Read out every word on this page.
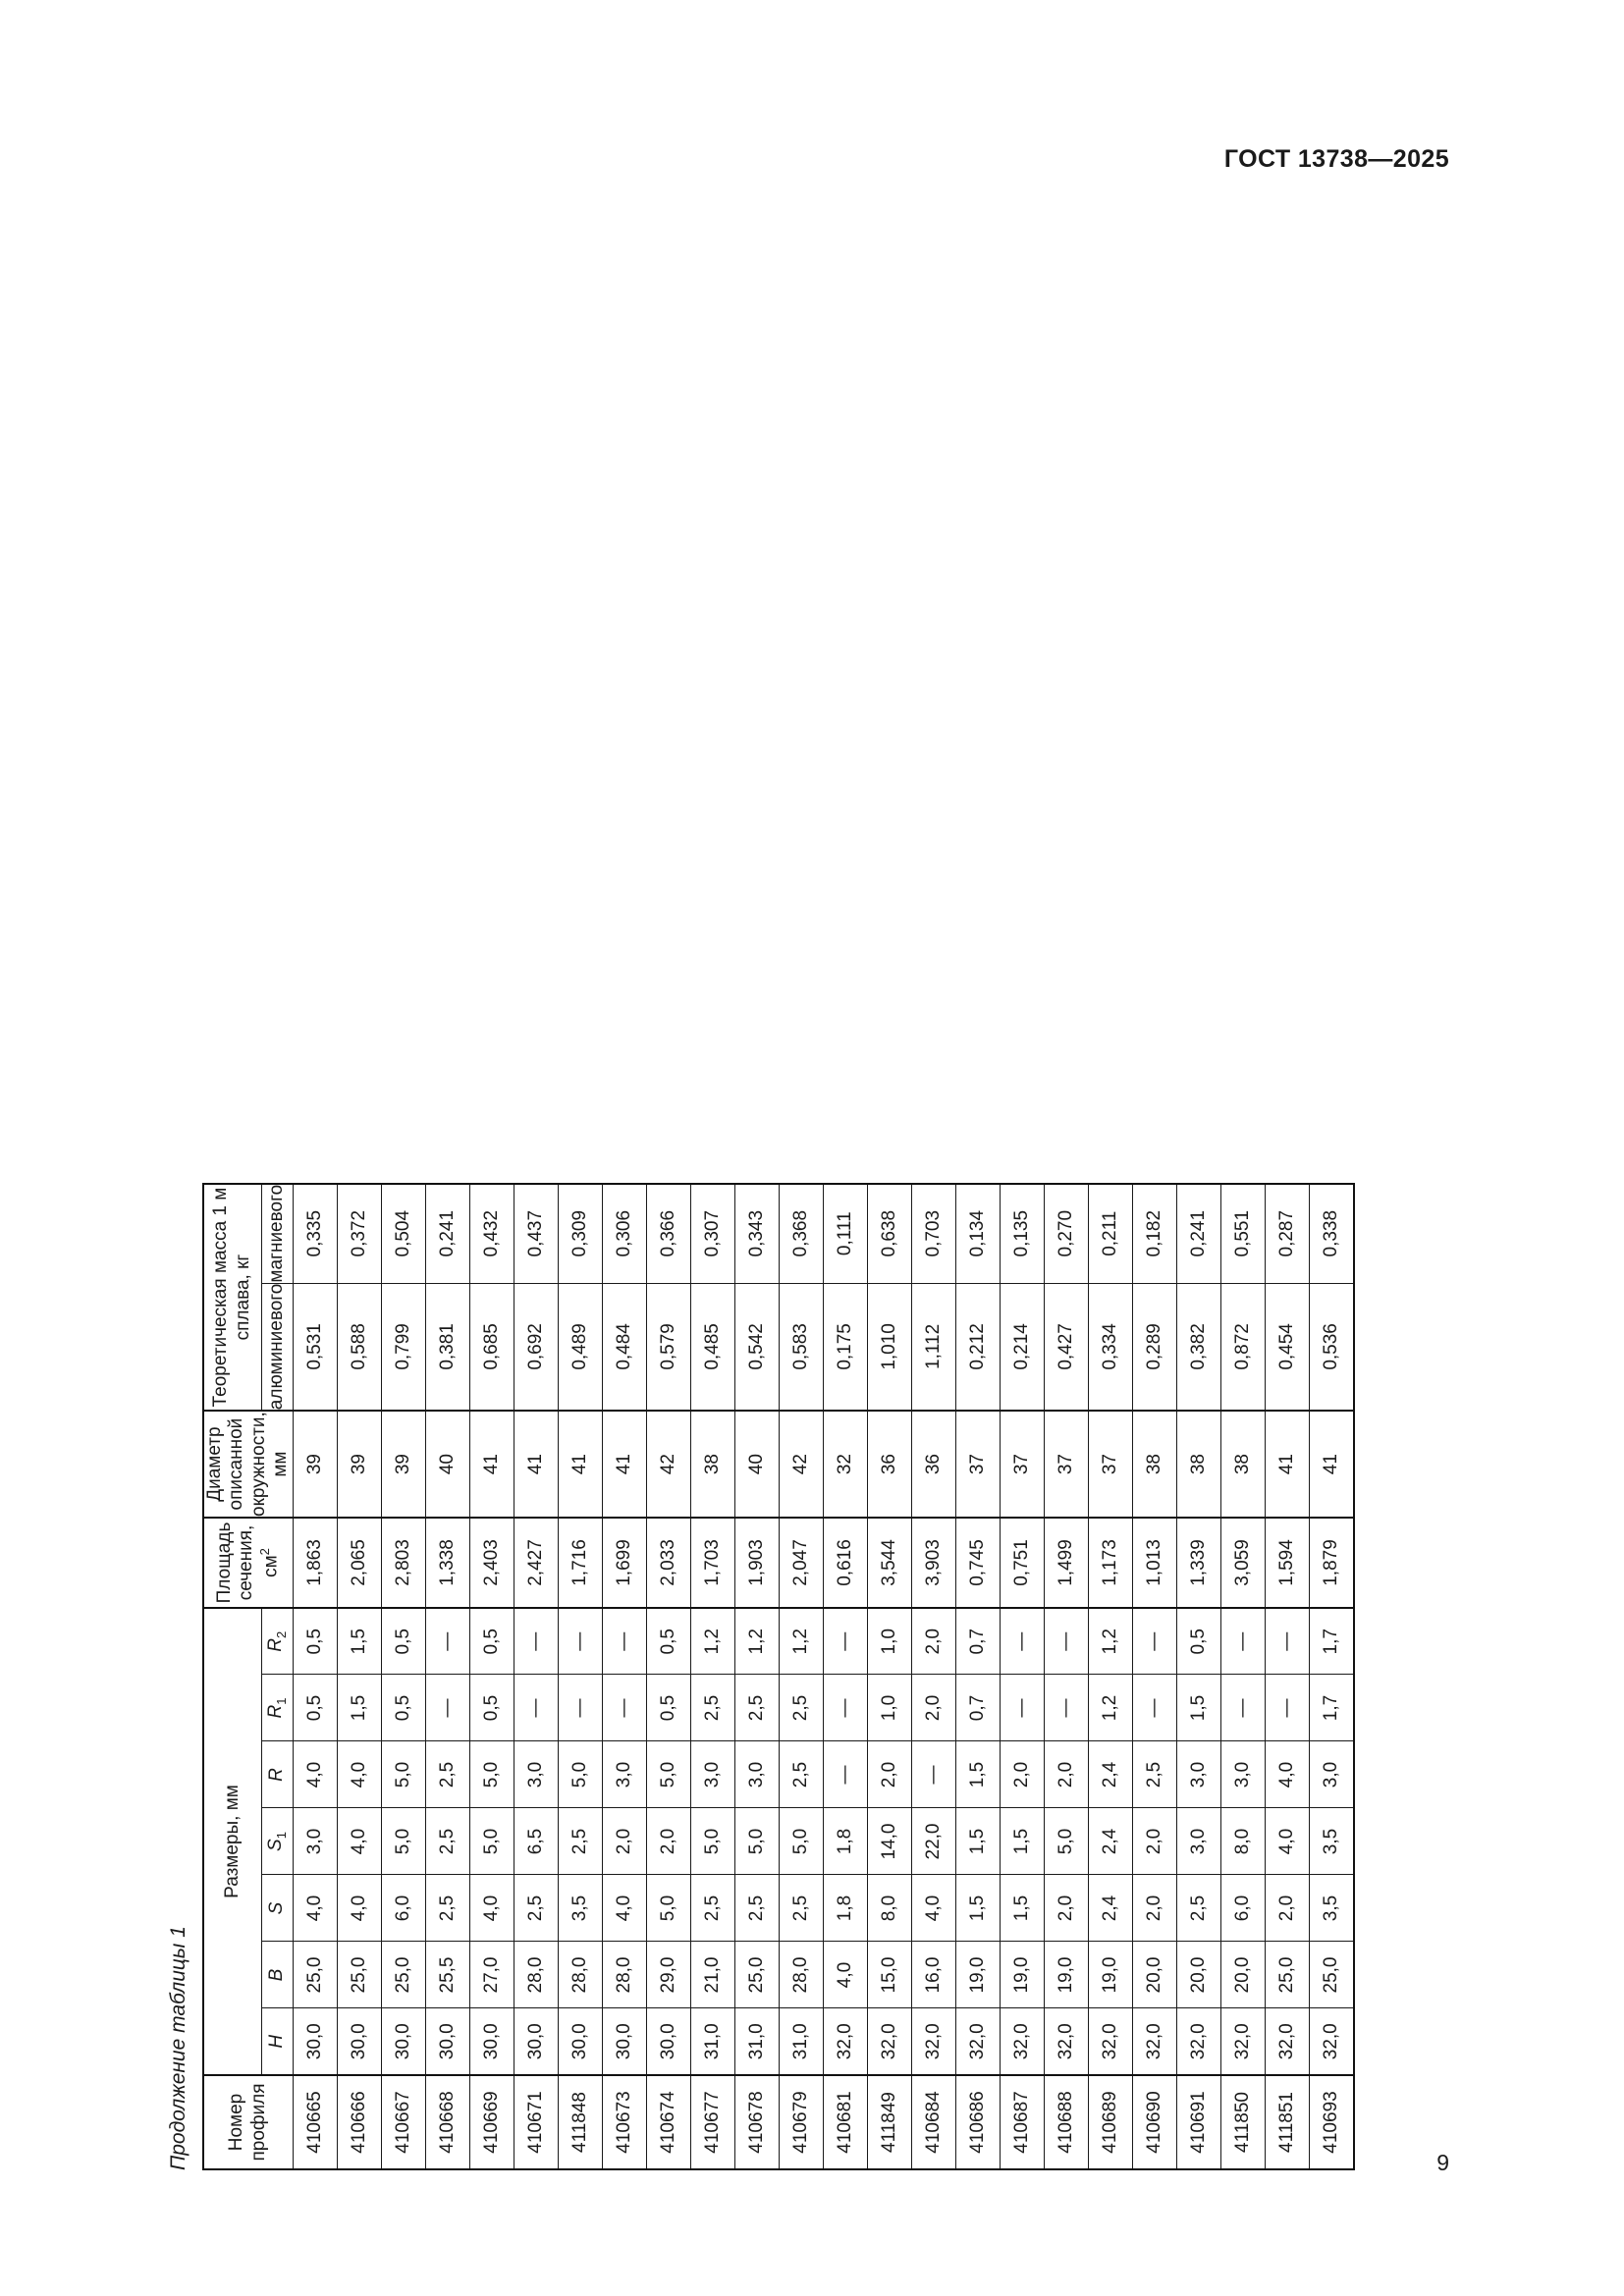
ГОСТ 13738—2025
Продолжение таблицы 1 Номер
профиля	Размеры, мм							Площадь
сечения, $см^2$	Диаметр описанной
окружности, мм	Теоретическая масса 1 м сплава, кг	
	H	B	S	$S_1$	R	$R_1$	$R_2$			алюминиевого	магниевого
410665	30,0	25,0	4,0	3,0	4,0	0,5	0,5	1,863	39	0,531	0,335
410666	30,0	25,0	4,0	4,0	4,0	1,5	1,5	2,065	39	0,588	0,372
410667	30,0	25,0	6,0	5,0	5,0	0,5	0,5	2,803	39	0,799	0,504
410668	30,0	25,5	2,5	2,5	2,5	—	—	1,338	40	0,381	0,241
410669	30,0	27,0	4,0	5,0	5,0	0,5	0,5	2,403	41	0,685	0,432
410671	30,0	28,0	2,5	6,5	3,0	—	—	2,427	41	0,692	0,437
411848	30,0	28,0	3,5	2,5	5,0	—	—	1,716	41	0,489	0,309
410673	30,0	28,0	4,0	2,0	3,0	—	—	1,699	41	0,484	0,306
410674	30,0	29,0	5,0	2,0	5,0	0,5	0,5	2,033	42	0,579	0,366
410677	31,0	21,0	2,5	5,0	3,0	2,5	1,2	1,703	38	0,485	0,307
410678	31,0	25,0	2,5	5,0	3,0	2,5	1,2	1,903	40	0,542	0,343
410679	31,0	28,0	2,5	5,0	2,5	2,5	1,2	2,047	42	0,583	0,368
410681	32,0	4,0	1,8	1,8	—	—	—	0,616	32	0,175	0,111
411849	32,0	15,0	8,0	14,0	2,0	1,0	1,0	3,544	36	1,010	0,638
410684	32,0	16,0	4,0	22,0	—	2,0	2,0	3,903	36	1,112	0,703
410686	32,0	19,0	1,5	1,5	1,5	0,7	0,7	0,745	37	0,212	0,134
410687	32,0	19,0	1,5	1,5	2,0	—	—	0,751	37	0,214	0,135
410688	32,0	19,0	2,0	5,0	2,0	—	—	1,499	37	0,427	0,270
410689	32,0	19,0	2,4	2,4	2,4	1,2	1,2	1,173	37	0,334	0,211
410690	32,0	20,0	2,0	2,0	2,5	—	—	1,013	38	0,289	0,182
410691	32,0	20,0	2,5	3,0	3,0	1,5	0,5	1,339	38	0,382	0,241
411850	32,0	20,0	6,0	8,0	3,0	—	—	3,059	38	0,872	0,551
411851	32,0	25,0	2,0	4,0	4,0	—	—	1,594	41	0,454	0,287
410693	32,0	25,0	3,5	3,5	3,0	1,7	1,7	1,879	41	0,536	0,338
9
